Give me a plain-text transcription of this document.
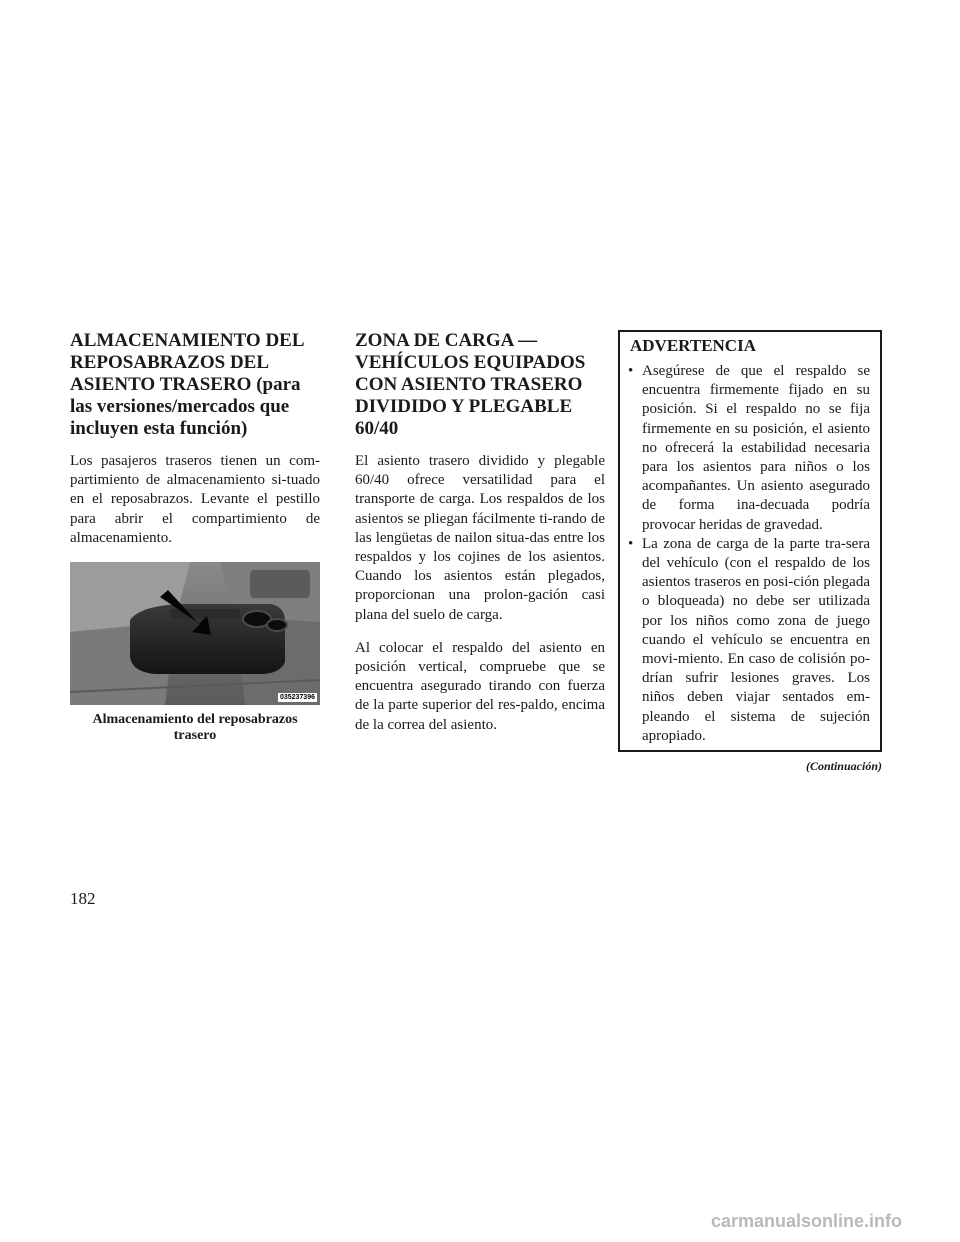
ALMACENAMIENTO DEL REPOSABRAZOS DEL ASIENTO TRASERO (para las versiones/mercados que incluyen esta función)

Los pasajeros traseros tienen un com-partimiento de almacenamiento si-tuado en el reposabrazos. Levante el pestillo para abrir el compartimiento de almacenamiento.

035237396
Almacenamiento del reposabrazos trasero
ZONA DE CARGA — VEHÍCULOS EQUIPADOS CON ASIENTO TRASERO DIVIDIDO Y PLEGABLE 60/40

El asiento trasero dividido y plegable 60/40 ofrece versatilidad para el transporte de carga. Los respaldos de los asientos se pliegan fácilmente ti-rando de las lengüetas de nailon situa-das entre los respaldos y los cojines de los asientos. Cuando los asientos están plegados, proporcionan una prolon-gación casi plana del suelo de carga.

Al colocar el respaldo del asiento en posición vertical, compruebe que se encuentra asegurado tirando con fuerza de la parte superior del res-paldo, encima de la correa del asiento.

ADVERTENCIA
• Asegúrese de que el respaldo se encuentra firmemente fijado en su posición. Si el respaldo no se fija firmemente en su posición, el asiento no ofrecerá la estabilidad necesaria para los asientos para niños o los acompañantes. Un asiento asegurado de forma ina-decuada podría provocar heridas de gravedad.
• La zona de carga de la parte tra-sera del vehículo (con el respaldo de los asientos traseros en posi-ción plegada o bloqueada) no debe ser utilizada por los niños como zona de juego cuando el vehículo se encuentra en movi-miento. En caso de colisión po-drían sufrir lesiones graves. Los niños deben viajar sentados em-pleando el sistema de sujeción apropiado.
(Continuación)
182
carmanualsonline.info
